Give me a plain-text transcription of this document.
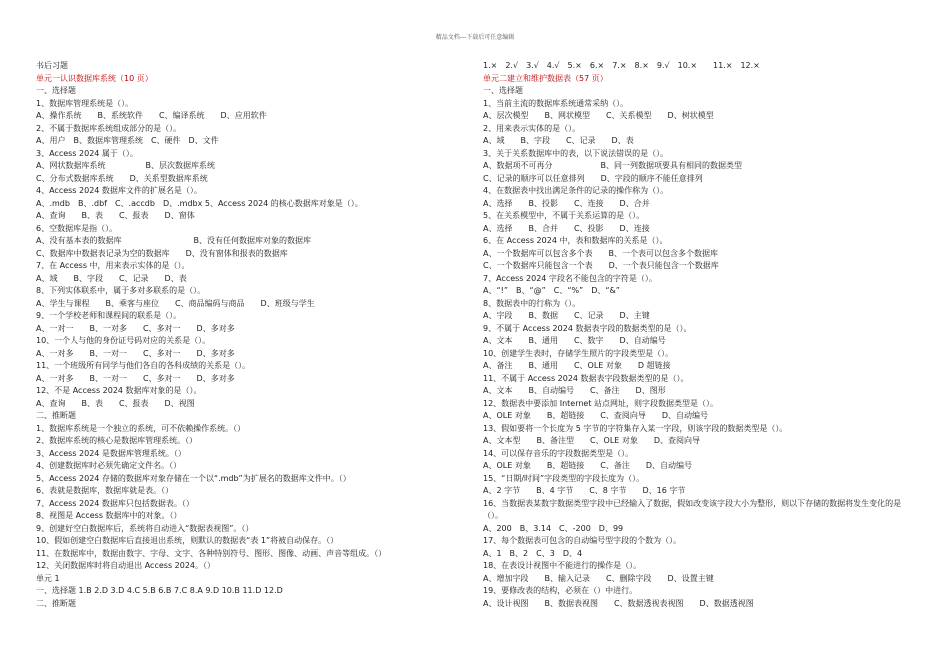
精品文档---下载后可任意编辑
书后习题
单元一认识数据库系统（10 页）
一、选择题
1、数据库管理系统是（）。
A、操作系统　　B、系统软件　　C、编译系统　　D、应用软件
2、不属于数据库系统组成部分的是（）。
A、用户　B、数据库管理系统　C、硬件　D、文件
3、Access 2024 属于（）。
A、网状数据库系统　　　　　B、层次数据库系统
C、分布式数据库系统　　D、关系型数据库系统
4、Access 2024 数据库文件的扩展名是（）。
A、.mdb　B、.dbf　C、.accdb　D、.mdbx 5、Access 2024 的核心数据库对象是（）。
A、查询　　B、表　　C、报表　　D、窗体
6、空数据库是指（）。
A、没有基本表的数据库　　　　　　　　　B、没有任何数据库对象的数据库
C、数据库中数据表记录为空的数据库　　D、没有窗体和报表的数据库
7、在 Access 中，用来表示实体的是（）。
A、域　　B、字段　　C、记录　　D、表
8、下列实体联系中，属于多对多联系的是（）。
A、学生与课程　　B、乘客与座位　　C、商品编码与商品　　D、班级与学生
9、一个学校老师和课程间的联系是（）。
A、一对一　　B、一对多　　C、多对一　　D、多对多
10、一个人与他的身份证号码对应的关系是（）。
A、一对多　　B、一对一　　C、多对一　　D、多对多
11、一个班级所有同学与他们各自的各科成绩的关系是（）。
A、一对多　　B、一对一　　C、多对一　　D、多对多
12、不是 Access 2024 数据库对象的是（）。
A、查询　　B、表　　C、报表　　D、视图
二、推断题
1、数据库系统是一个独立的系统，可不依赖操作系统。（）
2、数据库系统的核心是数据库管理系统。（）
3、Access 2024 是数据库管理系统。（）
4、创建数据库时必须先确定文件名。（）
5、Access 2024 存储的数据库对象存储在一个以“.mdb”为扩展名的数据库文件中。（）
6、表就是数据库，数据库就是表。（）
7、Access 2024 数据库只包括数据表。（）
8、视图是 Access 数据库中的对象。（）
9、创建好空白数据库后，系统将自动进入“数据表视图”。（）
10、假如创建空白数据库后直接退出系统，则默认的数据表“表 1”将被自动保存。（）
11、在数据库中，数据由数字、字母、文字、各种特别符号、图形、图像、动画、声音等组成。（）
12、关闭数据库时将自动退出 Access 2024。（）
单元 1
一、选择题 1.B 2.D 3.D 4.C 5.B 6.B 7.C 8.A 9.D 10.B 11.D 12.D
二、推断题
1.×　2.√　3.√　4.√　5.×　6.×　7.×　8.×　9.√　10.×　　11.×　12.×
单元二建立和维护数据表（57 页）
一、选择题
1、当前主流的数据库系统通常采纳（）。
A、层次模型　　B、网状模型　　C、关系模型　　D、树状模型
2、用来表示实体的是（）。
A、域　　B、字段　　C、记录　　D、表
3、关于关系数据库中的表，以下说法错误的是（）。
A、数据项不可再分　　　　　　B、同一列数据项要具有相同的数据类型
C、记录的顺序可以任意排列　　D、字段的顺序不能任意排列
4、在数据表中找出满足条件的记录的操作称为（）。
A、选择　　B、投影　　C、连接　　D、合并
5、在关系模型中，不属于关系运算的是（）。
A、选择　　B、合并　　C、投影　　D、连接
6、在 Access 2024 中，表和数据库的关系是（）。
A、一个数据库可以包含多个表　　B、一个表可以包含多个数据库
C、一个数据库只能包含一个表　　D、一个表只能包含一个数据库
7、Access 2024 字段名不能包含的字符是（）。
A、“!”　B、“@”　C、“%”　D、“&”
8、数据表中的行称为（）。
A、字段　　B、数据　　C、记录　　D、主键
9、不属于 Access 2024 数据表字段的数据类型的是（）。
A、文本　　B、通用　　C、数字　　D、自动编号
10、创建学生表时，存储学生照片的字段类型是（）。
A、备注　　B、通用　　C、OLE 对象　　D 超链接
11、不属于 Access 2024 数据表字段数据类型的是（）。
A、文本　　B、自动编号　　C、备注　　D、图形
12、数据表中要添加 Internet 站点网址，则字段数据类型是（）。
A、OLE 对象　　B、超链接　　C、查阅向导　　D、自动编号
13、假如要将一个长度为 5 字节的字符集存入某一字段，则该字段的数据类型是（）。
A、文本型　　B、备注型　　C、OLE 对象　　D、查阅向导
14、可以保存音乐的字段数据类型是（）。
A、OLE 对象　　B、超链接　　C、备注　　D、自动编号
15、“日期/时间”字段类型的字段长度为（）。
A、2 字节　　B、4 字节　　C、8 字节　　D、16 字节
16、当数据表某数字数据类型字段中已经输入了数据，假如改变该字段大小为整形，则以下存储的数据将发生变化的是（）。
A、200　B、3.14　C、-200　D、99
17、每个数据表可包含的自动编号型字段的个数为（）。
A、1　B、2　C、3　D、4
18、在表设计视图中不能进行的操作是（）。
A、增加字段　　B、输入记录　　C、删除字段　　D、设置主键
19、要修改表的结构，必须在（）中进行。
A、设计视图　　B、数据表视图　　C、数据透视表视图　　D、数据透视图
